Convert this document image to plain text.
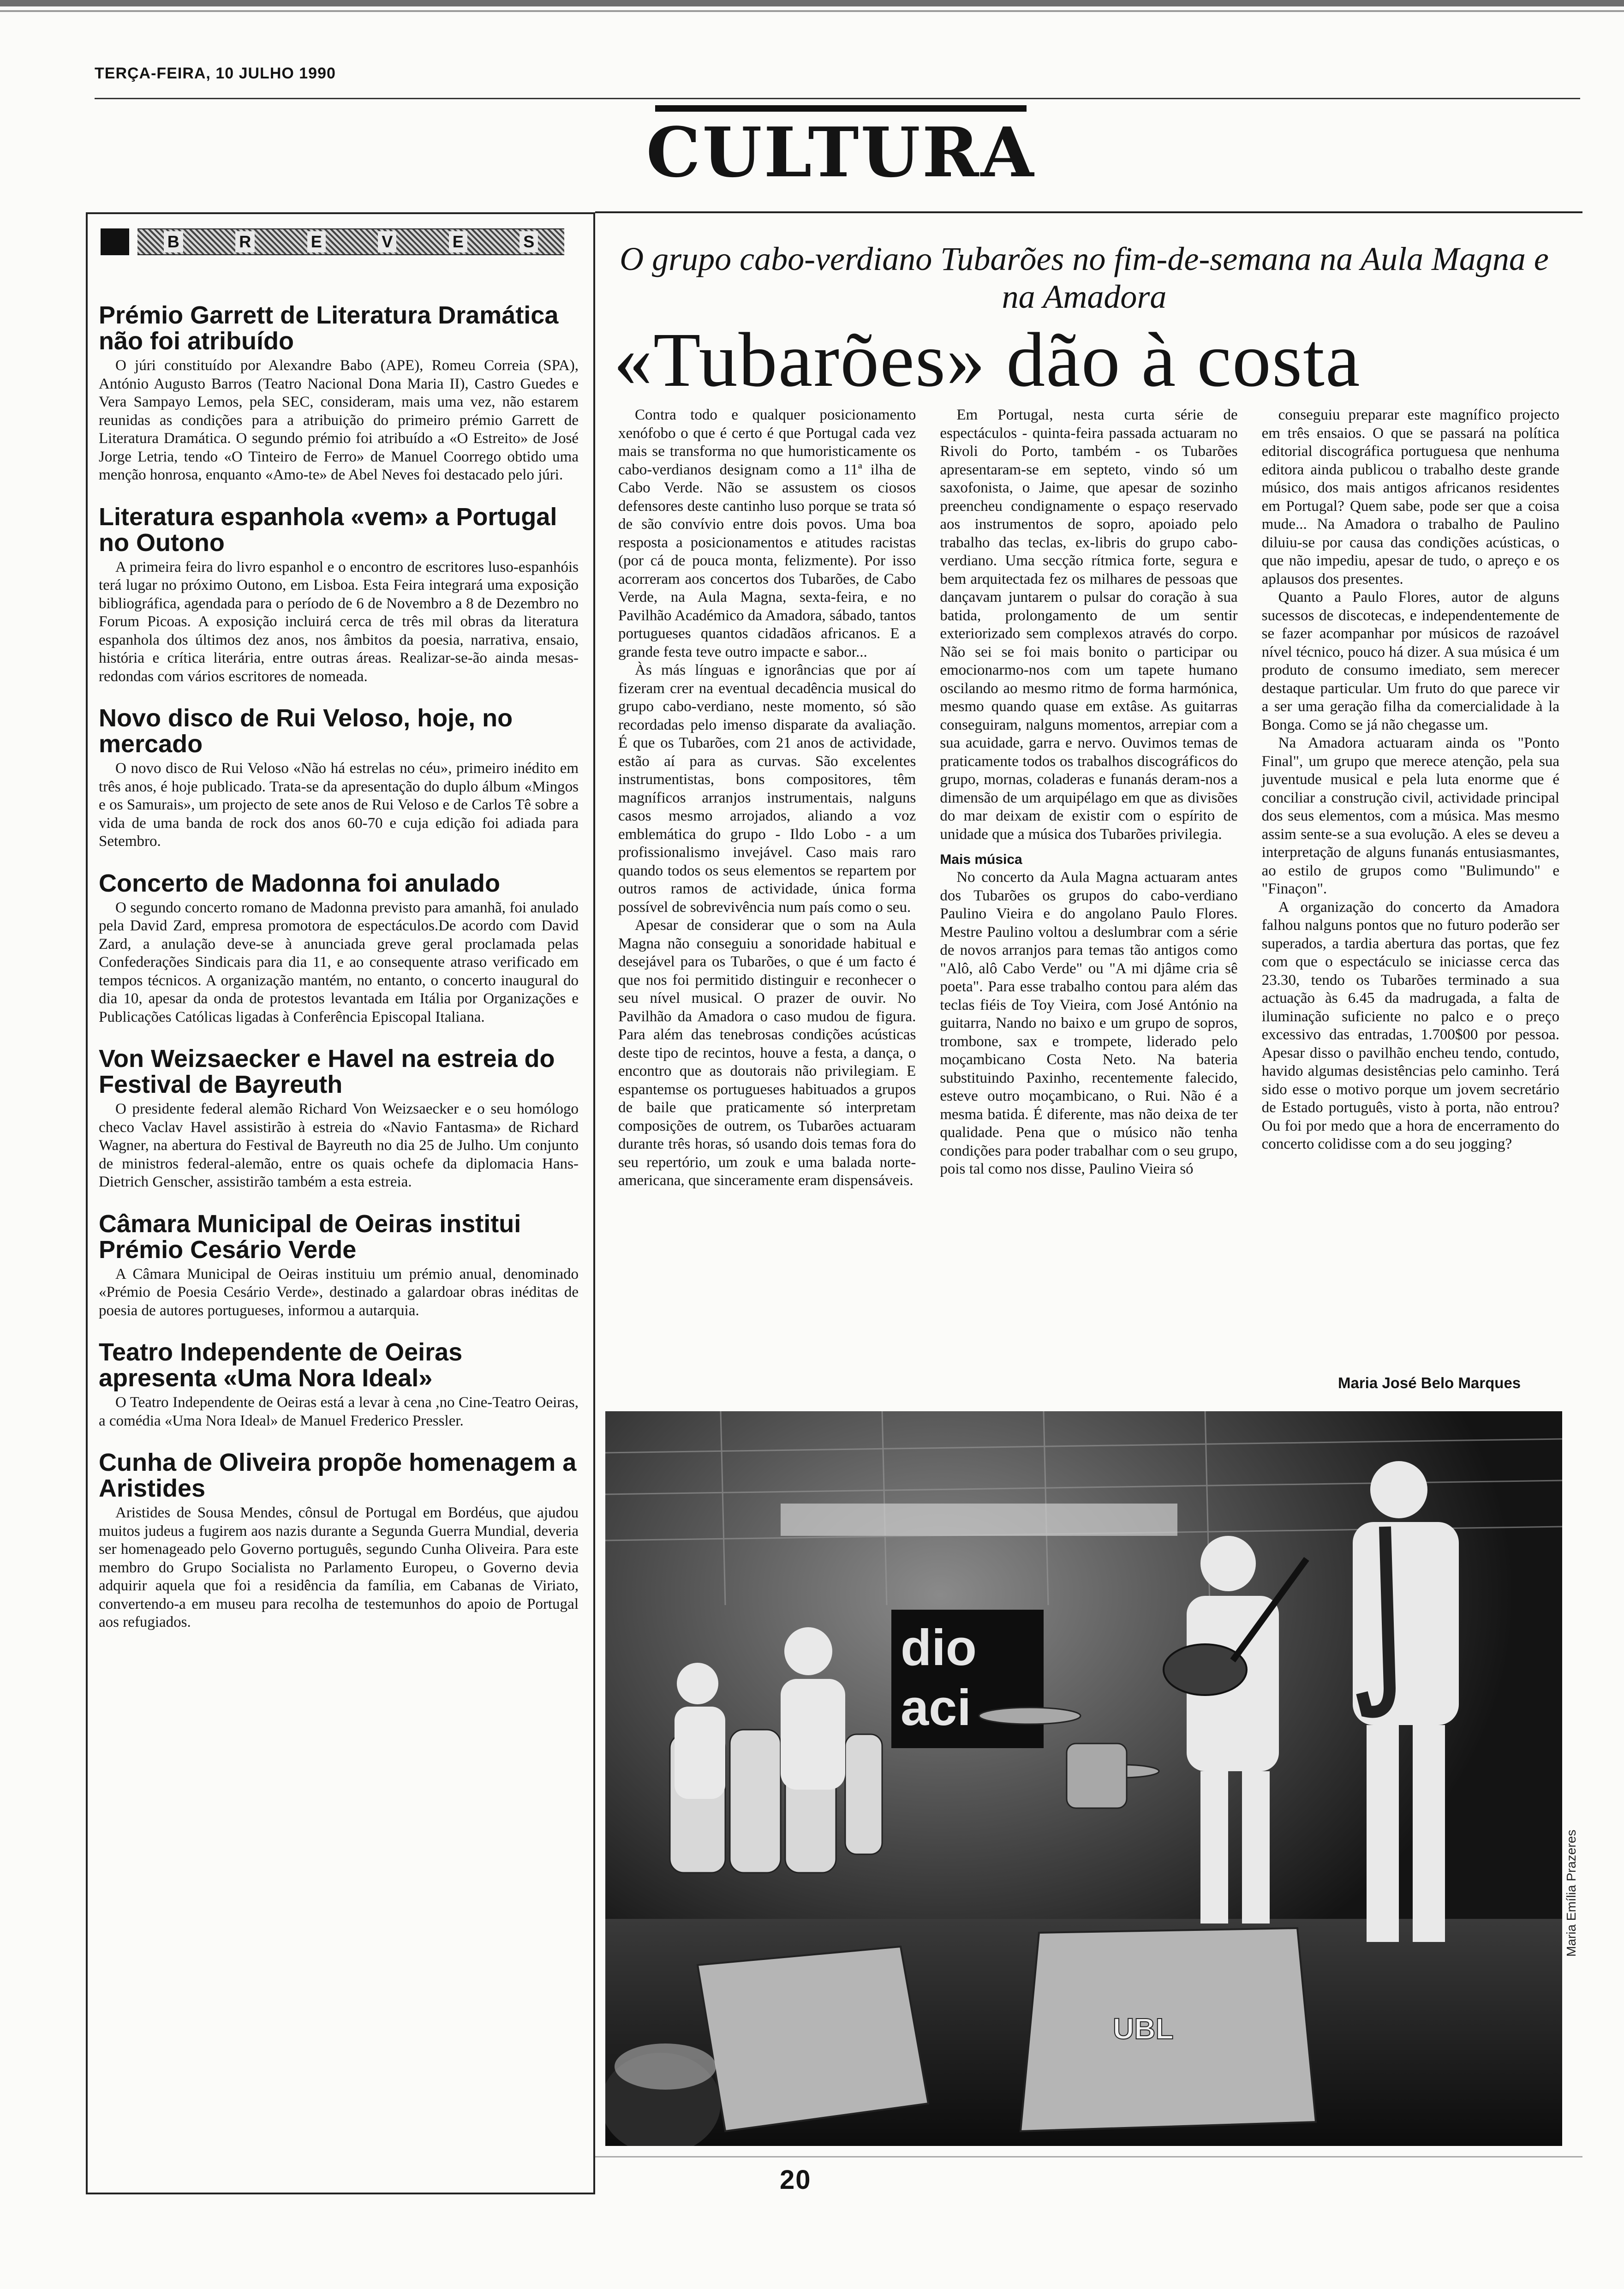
TERÇA-FEIRA, 10 JULHO 1990
CULTURA
B	R	E	V	E	S
Prémio Garrett de Literatura Dramática não foi atribuído

O júri constituído por Alexandre Babo (APE), Romeu Correia (SPA), António Augusto Barros (Teatro Nacional Dona Maria II), Castro Guedes e Vera Sampayo Lemos, pela SEC, consideram, mais uma vez, não estarem reunidas as condições para a atribuição do primeiro prémio Garrett de Literatura Dramática. O segundo prémio foi atribuído a «O Estreito» de José Jorge Letria, tendo «O Tinteiro de Ferro» de Manuel Coorrego obtido uma menção honrosa, enquanto «Amo-te» de Abel Neves foi destacado pelo júri.

Literatura espanhola «vem» a Portugal no Outono

A primeira feira do livro espanhol e o encontro de escritores luso-espanhóis terá lugar no próximo Outono, em Lisboa. Esta Feira integrará uma exposição bibliográfica, agendada para o período de 6 de Novembro a 8 de Dezembro no Forum Picoas. A exposição incluirá cerca de três mil obras da literatura espanhola dos últimos dez anos, nos âmbitos da poesia, narrativa, ensaio, história e crítica literária, entre outras áreas. Realizar-se-ão ainda mesas-redondas com vários escritores de nomeada.

Novo disco de Rui Veloso, hoje, no mercado

O novo disco de Rui Veloso «Não há estrelas no céu», primeiro inédito em três anos, é hoje publicado. Trata-se da apresentação do duplo álbum «Mingos e os Samurais», um projecto de sete anos de Rui Veloso e de Carlos Tê sobre a vida de uma banda de rock dos anos 60-70 e cuja edição foi adiada para Setembro.

Concerto de Madonna foi anulado

O segundo concerto romano de Madonna previsto para amanhã, foi anulado pela David Zard, empresa promotora de espectáculos.De acordo com David Zard, a anulação deve-se à anunciada greve geral proclamada pelas Confederações Sindicais para dia 11, e ao consequente atraso verificado em tempos técnicos. A organização mantém, no entanto, o concerto inaugural do dia 10, apesar da onda de protestos levantada em Itália por Organizações e Publicações Católicas ligadas à Conferência Episcopal Italiana.

Von Weizsaecker e Havel na estreia do Festival de Bayreuth

O presidente federal alemão Richard Von Weizsaecker e o seu homólogo checo Vaclav Havel assistirão à estreia do «Navio Fantasma» de Richard Wagner, na abertura do Festival de Bayreuth no dia 25 de Julho. Um conjunto de ministros federal-alemão, entre os quais ochefe da diplomacia Hans-Dietrich Genscher, assistirão também a esta estreia.

Câmara Municipal de Oeiras institui Prémio Cesário Verde

A Câmara Municipal de Oeiras instituiu um prémio anual, denominado «Prémio de Poesia Cesário Verde», destinado a galardoar obras inéditas de poesia de autores portugueses, informou a autarquia.

Teatro Independente de Oeiras apresenta «Uma Nora Ideal»

O Teatro Independente de Oeiras está a levar à cena ,no Cine-Teatro Oeiras, a comédia «Uma Nora Ideal» de Manuel Frederico Pressler.

Cunha de Oliveira propõe homenagem a Aristides

Aristides de Sousa Mendes, cônsul de Portugal em Bordéus, que ajudou muitos judeus a fugirem aos nazis durante a Segunda Guerra Mundial, deveria ser homenageado pelo Governo português, segundo Cunha Oliveira. Para este membro do Grupo Socialista no Parlamento Europeu, o Governo devia adquirir aquela que foi a residência da família, em Cabanas de Viriato, convertendo-a em museu para recolha de testemunhos do apoio de Portugal aos refugiados.

O grupo cabo-verdiano Tubarões no fim-de-semana na Aula Magna e na Amadora
«Tubarões» dão à costa

Contra todo e qualquer posicionamento xenófobo o que é certo é que Portugal cada vez mais se transforma no que humoristicamente os cabo-verdianos designam como a 11ª ilha de Cabo Verde. Não se assustem os ciosos defensores deste cantinho luso porque se trata só de são convívio entre dois povos. Uma boa resposta a posicionamentos e atitudes racistas (por cá de pouca monta, felizmente). Por isso acorreram aos concertos dos Tubarões, de Cabo Verde, na Aula Magna, sexta-feira, e no Pavilhão Académico da Amadora, sábado, tantos portugueses quantos cidadãos africanos. E a grande festa teve outro impacte e sabor...

Às más línguas e ignorâncias que por aí fizeram crer na eventual decadência musical do grupo cabo-verdiano, neste momento, só são recordadas pelo imenso disparate da avaliação. É que os Tubarões, com 21 anos de actividade, estão aí para as curvas. São excelentes instrumentistas, bons compositores, têm magníficos arranjos instrumentais, nalguns casos mesmo arrojados, aliando a voz emblemática do grupo - Ildo Lobo - a um profissionalismo invejável. Caso mais raro quando todos os seus elementos se repartem por outros ramos de actividade, única forma possível de sobrevivência num país como o seu.

Apesar de considerar que o som na Aula Magna não conseguiu a sonoridade habitual e desejável para os Tubarões, o que é um facto é que nos foi permitido distinguir e reconhecer o seu nível musical. O prazer de ouvir. No Pavilhão da Amadora o caso mudou de figura. Para além das tenebrosas condições acústicas deste tipo de recintos, houve a festa, a dança, o encontro que as doutorais não privilegiam. E espantemse os portugueses habituados a grupos de baile que praticamente só interpretam composições de outrem, os Tubarões actuaram durante três horas, só usando dois temas fora do seu repertório, um zouk e uma balada norte-americana, que sinceramente eram dispensáveis.

Em Portugal, nesta curta série de espectáculos - quinta-feira passada actuaram no Rivoli do Porto, também - os Tubarões apresentaram-se em septeto, vindo só um saxofonista, o Jaime, que apesar de sozinho preencheu condignamente o espaço reservado aos instrumentos de sopro, apoiado pelo trabalho das teclas, ex-libris do grupo cabo-verdiano. Uma secção rítmica forte, segura e bem arquitectada fez os milhares de pessoas que dançavam juntarem o pulsar do coração à sua batida, prolongamento de um sentir exteriorizado sem complexos através do corpo. Não sei se foi mais bonito o participar ou emocionarmo-nos com um tapete humano oscilando ao mesmo ritmo de forma harmónica, mesmo quando quase em extâse. As guitarras conseguiram, nalguns momentos, arrepiar com a sua acuidade, garra e nervo. Ouvimos temas de praticamente todos os trabalhos discográficos do grupo, mornas, coladeras e funanás deram-nos a dimensão de um arquipélago em que as divisões do mar deixam de existir com o espírito de unidade que a música dos Tubarões privilegia.

Mais música

No concerto da Aula Magna actuaram antes dos Tubarões os grupos do cabo-verdiano Paulino Vieira e do angolano Paulo Flores. Mestre Paulino voltou a deslumbrar com a série de novos arranjos para temas tão antigos como "Alô, alô Cabo Verde" ou "A mi djâme cria sê poeta". Para esse trabalho contou para além das teclas fiéis de Toy Vieira, com José António na guitarra, Nando no baixo e um grupo de sopros, trombone, sax e trompete, liderado pelo moçambicano Costa Neto. Na bateria substituindo Paxinho, recentemente falecido, esteve outro moçambicano, o Rui. Não é a mesma batida. É diferente, mas não deixa de ter qualidade. Pena que o músico não tenha condições para poder trabalhar com o seu grupo, pois tal como nos disse, Paulino Vieira só

conseguiu preparar este magnífico projecto em três ensaios. O que se passará na política editorial discográfica portuguesa que nenhuma editora ainda publicou o trabalho deste grande músico, dos mais antigos africanos residentes em Portugal? Quem sabe, pode ser que a coisa mude... Na Amadora o trabalho de Paulino diluiu-se por causa das condições acústicas, o que não impediu, apesar de tudo, o apreço e os aplausos dos presentes.

Quanto a Paulo Flores, autor de alguns sucessos de discotecas, e independentemente de se fazer acompanhar por músicos de razoável nível técnico, pouco há dizer. A sua música é um produto de consumo imediato, sem merecer destaque particular. Um fruto do que parece vir a ser uma geração filha da comercialidade à la Bonga. Como se já não chegasse um.

Na Amadora actuaram ainda os "Ponto Final", um grupo que merece atenção, pela sua juventude musical e pela luta enorme que é conciliar a construção civil, actividade principal dos seus elementos, com a música. Mas mesmo assim sente-se a sua evolução. A eles se deveu a interpretação de alguns funanás entusiasmantes, ao estilo de grupos como "Bulimundo" e "Finaçon".

A organização do concerto da Amadora falhou nalguns pontos que no futuro poderão ser superados, a tardia abertura das portas, que fez com que o espectáculo se iniciasse cerca das 23.30, tendo os Tubarões terminado a sua actuação às 6.45 da madrugada, a falta de iluminação suficiente no palco e o preço excessivo das entradas, 1.700$00 por pessoa. Apesar disso o pavilhão encheu tendo, contudo, havido algumas desistências pelo caminho. Terá sido esse o motivo porque um jovem secretário de Estado português, visto à porta, não entrou? Ou foi por medo que a hora de encerramento do concerto colidisse com a do seu jogging?

Maria José Belo Marques
dio
aci
UBL
Maria Emília Prazeres
20
